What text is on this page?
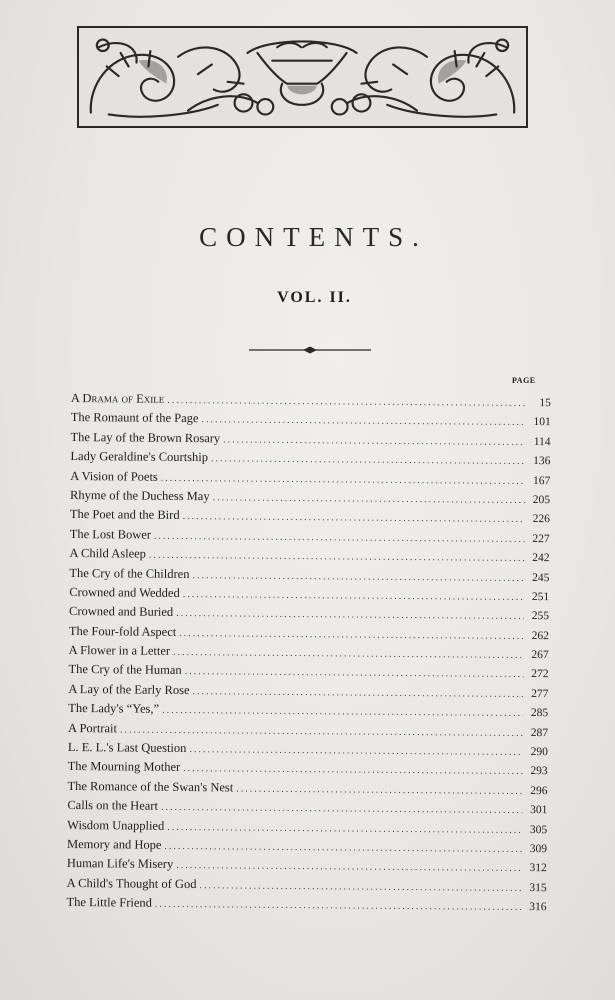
CONTENTS.
VOL. II.
PAGE
A Drama of Exile .....	15
The Romaunt of the Page .....	101
The Lay of the Brown Rosary .....	114
Lady Geraldine's Courtship .....	136
A Vision of Poets .....	167
Rhyme of the Duchess May .....	205
The Poet and the Bird .....	226
The Lost Bower .....	227
A Child Asleep .....	242
The Cry of the Children .....	245
Crowned and Wedded .....	251
Crowned and Buried .....	255
The Four-fold Aspect .....	262
A Flower in a Letter .....	267
The Cry of the Human .....	272
A Lay of the Early Rose .....	277
The Lady's “Yes,” .....	285
A Portrait .....	287
L. E. L.'s Last Question .....	290
The Mourning Mother .....	293
The Romance of the Swan's Nest .....	296
Calls on the Heart .....	301
Wisdom Unapplied .....	305
Memory and Hope .....	309
Human Life's Misery .....	312
A Child's Thought of God .....	315
The Little Friend .....	316
